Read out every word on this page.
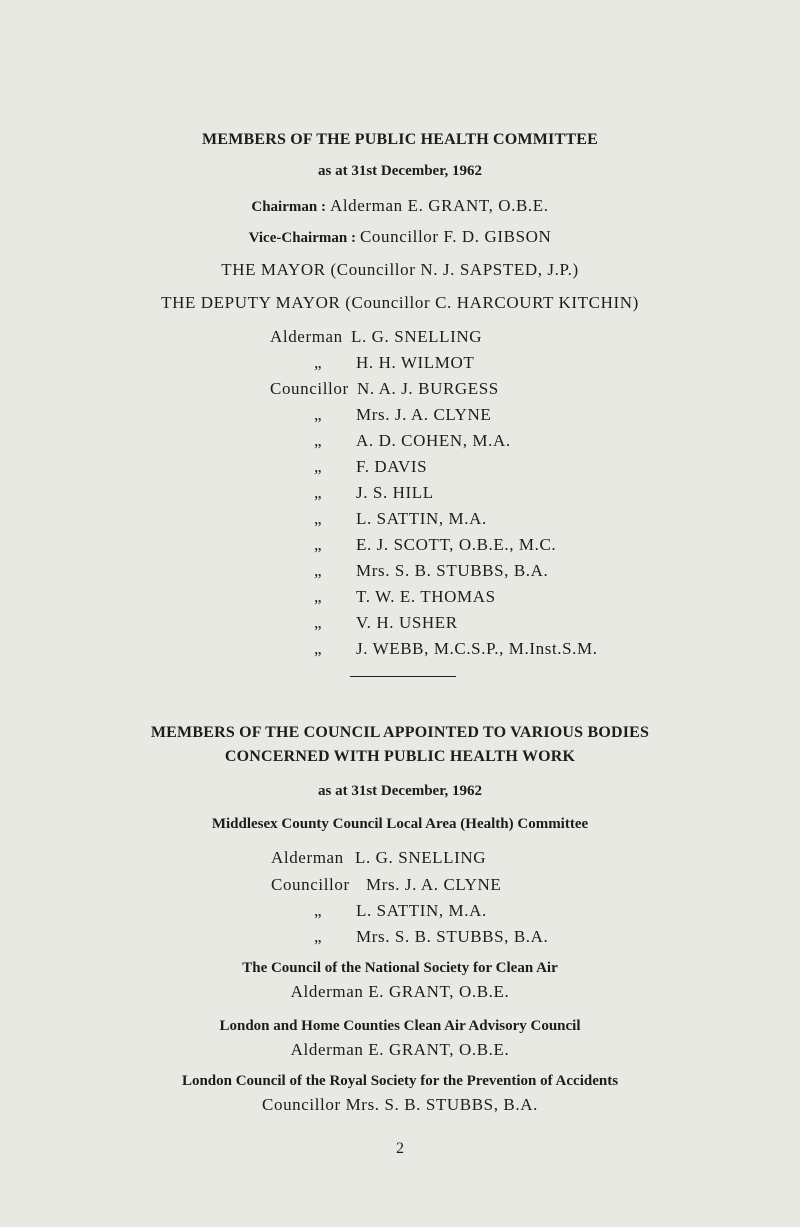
MEMBERS OF THE PUBLIC HEALTH COMMITTEE
as at 31st December, 1962
Chairman : Alderman E. GRANT, O.B.E.
Vice-Chairman : Councillor F. D. GIBSON
THE MAYOR (Councillor N. J. SAPSTED, J.P.)
THE DEPUTY MAYOR (Councillor C. HARCOURT KITCHIN)
Alderman L. G. SNELLING
„ H. H. WILMOT
Councillor N. A. J. BURGESS
„ Mrs. J. A. CLYNE
„ A. D. COHEN, M.A.
„ F. DAVIS
„ J. S. HILL
„ L. SATTIN, M.A.
„ E. J. SCOTT, O.B.E., M.C.
„ Mrs. S. B. STUBBS, B.A.
„ T. W. E. THOMAS
„ V. H. USHER
„ J. WEBB, M.C.S.P., M.Inst.S.M.
MEMBERS OF THE COUNCIL APPOINTED TO VARIOUS BODIES
CONCERNED WITH PUBLIC HEALTH WORK
as at 31st December, 1962
Middlesex County Council Local Area (Health) Committee
Alderman L. G. SNELLING
Councillor Mrs. J. A. CLYNE
„ L. SATTIN, M.A.
„ Mrs. S. B. STUBBS, B.A.
The Council of the National Society for Clean Air
Alderman E. GRANT, O.B.E.
London and Home Counties Clean Air Advisory Council
Alderman E. GRANT, O.B.E.
London Council of the Royal Society for the Prevention of Accidents
Councillor Mrs. S. B. STUBBS, B.A.
2
